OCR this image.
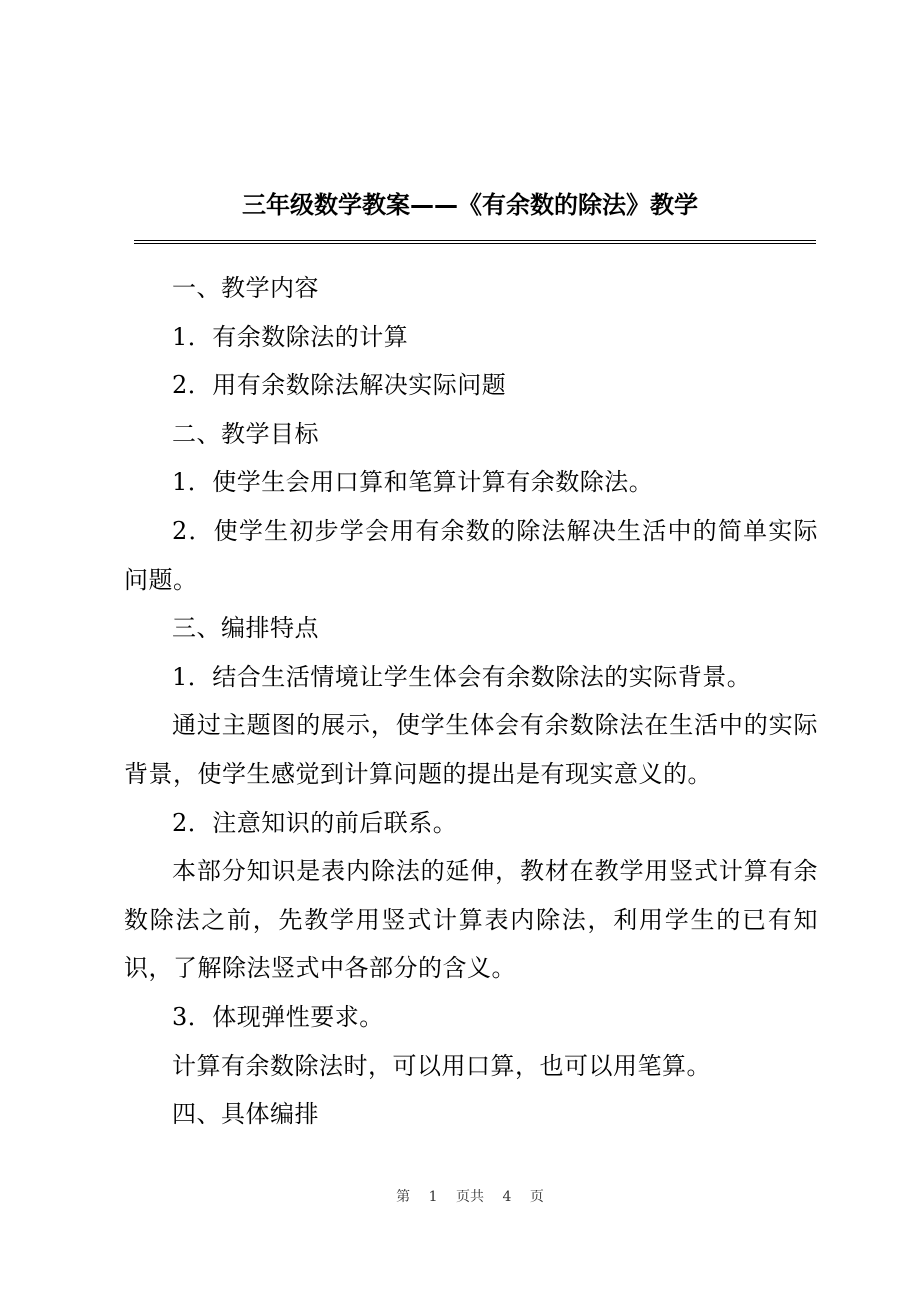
三年级数学教案——《有余数的除法》教学

一、教学内容

1．有余数除法的计算

2．用有余数除法解决实际问题

二、教学目标

1．使学生会用口算和笔算计算有余数除法。

2．使学生初步学会用有余数的除法解决生活中的简单实际问题。

三、编排特点

1．结合生活情境让学生体会有余数除法的实际背景。

通过主题图的展示，使学生体会有余数除法在生活中的实际背景，使学生感觉到计算问题的提出是有现实意义的。

2．注意知识的前后联系。

本部分知识是表内除法的延伸，教材在教学用竖式计算有余数除法之前，先教学用竖式计算表内除法，利用学生的已有知识，了解除法竖式中各部分的含义。

3．体现弹性要求。

计算有余数除法时，可以用口算，也可以用笔算。

四、具体编排

第 1 页共 4 页
